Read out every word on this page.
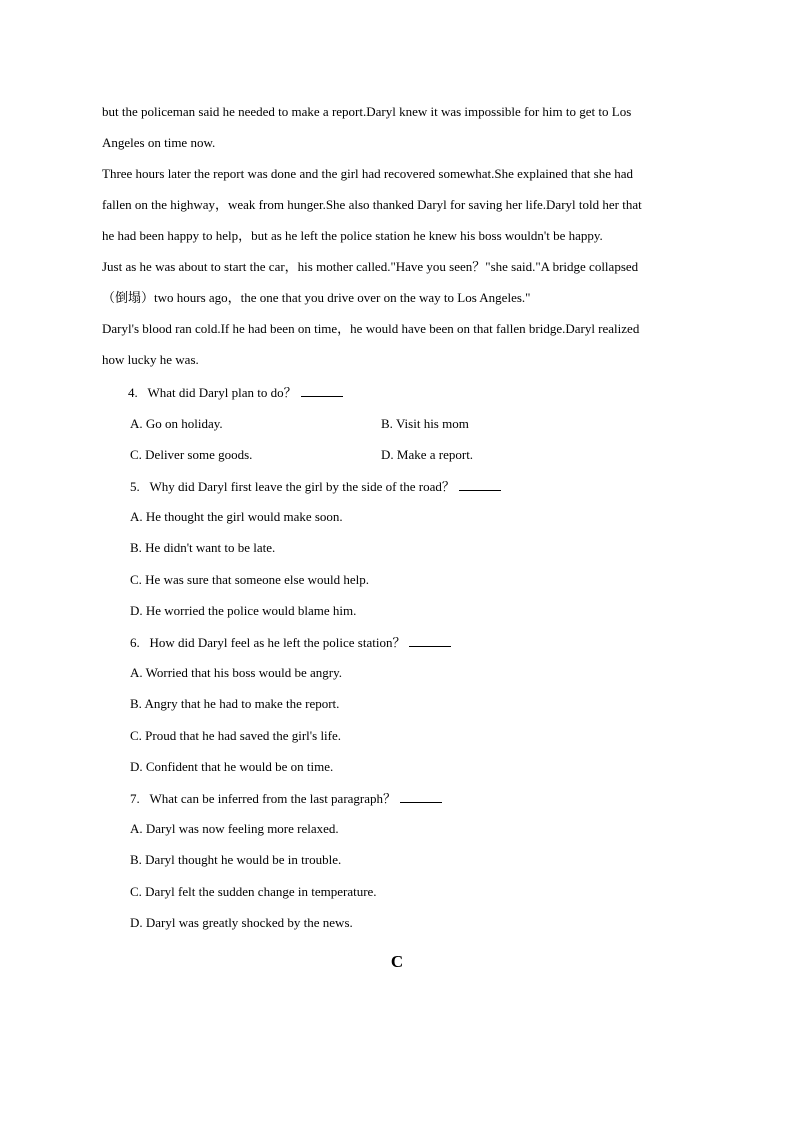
but the policeman said he needed to make a report.Daryl knew it was impossible for him to get to Los
Angeles on time now.
Three hours later the report was done and the girl had recovered somewhat.She explained that she had
fallen on the highway，weak from hunger.She also thanked Daryl for saving her life.Daryl told her that
he had been happy to help，but as he left the police station he knew his boss wouldn't be happy.
Just as he was about to start the car，his mother called."Have you seen？"she said."A bridge collapsed
（倒塌）two hours ago，the one that you drive over on the way to Los Angeles."
Daryl's blood ran cold.If he had been on time，he would have been on that fallen bridge.Daryl realized
how lucky he was.
4. What did Daryl plan to do？
A. Go on holiday.	B. Visit his mom
C. Deliver some goods.	D. Make a report.
5. Why did Daryl first leave the girl by the side of the road？
A. He thought the girl would make soon.
B. He didn't want to be late.
C. He was sure that someone else would help.
D. He worried the police would blame him.
6. How did Daryl feel as he left the police station？
A. Worried that his boss would be angry.
B. Angry that he had to make the report.
C. Proud that he had saved the girl's life.
D. Confident that he would be on time.
7. What can be inferred from the last paragraph？
A. Daryl was now feeling more relaxed.
B. Daryl thought he would be in trouble.
C. Daryl felt the sudden change in temperature.
D. Daryl was greatly shocked by the news.
C
